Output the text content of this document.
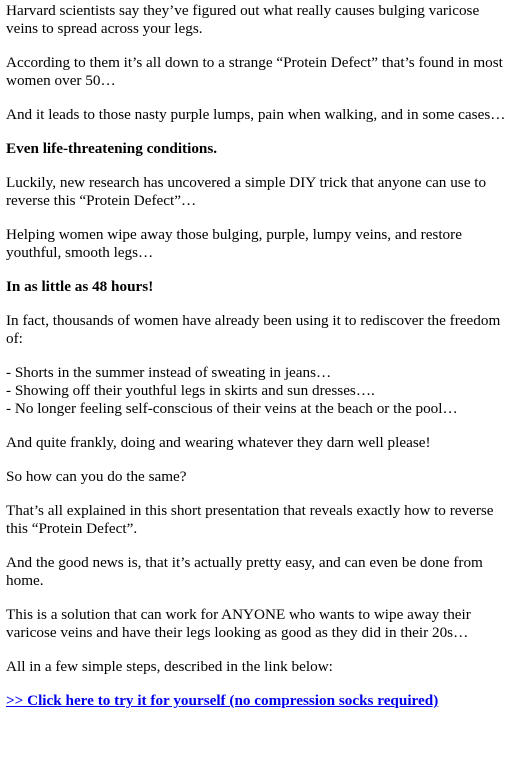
Harvard scientists say they’ve figured out what really causes bulging varicose veins to spread across your legs.

According to them it’s all down to a strange “Protein Defect” that’s found in most women over 50…

And it leads to those nasty purple lumps, pain when walking, and in some cases…

Even life-threatening conditions.

Luckily, new research has uncovered a simple DIY trick that anyone can use to reverse this “Protein Defect”…

Helping women wipe away those bulging, purple, lumpy veins, and restore youthful, smooth legs…

In as little as 48 hours!

In fact, thousands of women have already been using it to rediscover the freedom of:

- Shorts in the summer instead of sweating in jeans…
- Showing off their youthful legs in skirts and sun dresses….
- No longer feeling self-conscious of their veins at the beach or the pool…

And quite frankly, doing and wearing whatever they darn well please!

So how can you do the same?

That’s all explained in this short presentation that reveals exactly how to reverse this “Protein Defect”.

And the good news is, that it’s actually pretty easy, and can even be done from home.

This is a solution that can work for ANYONE who wants to wipe away their varicose veins and have their legs looking as good as they did in their 20s…

All in a few simple steps, described in the link below:

>> Click here to try it for yourself (no compression socks required)
